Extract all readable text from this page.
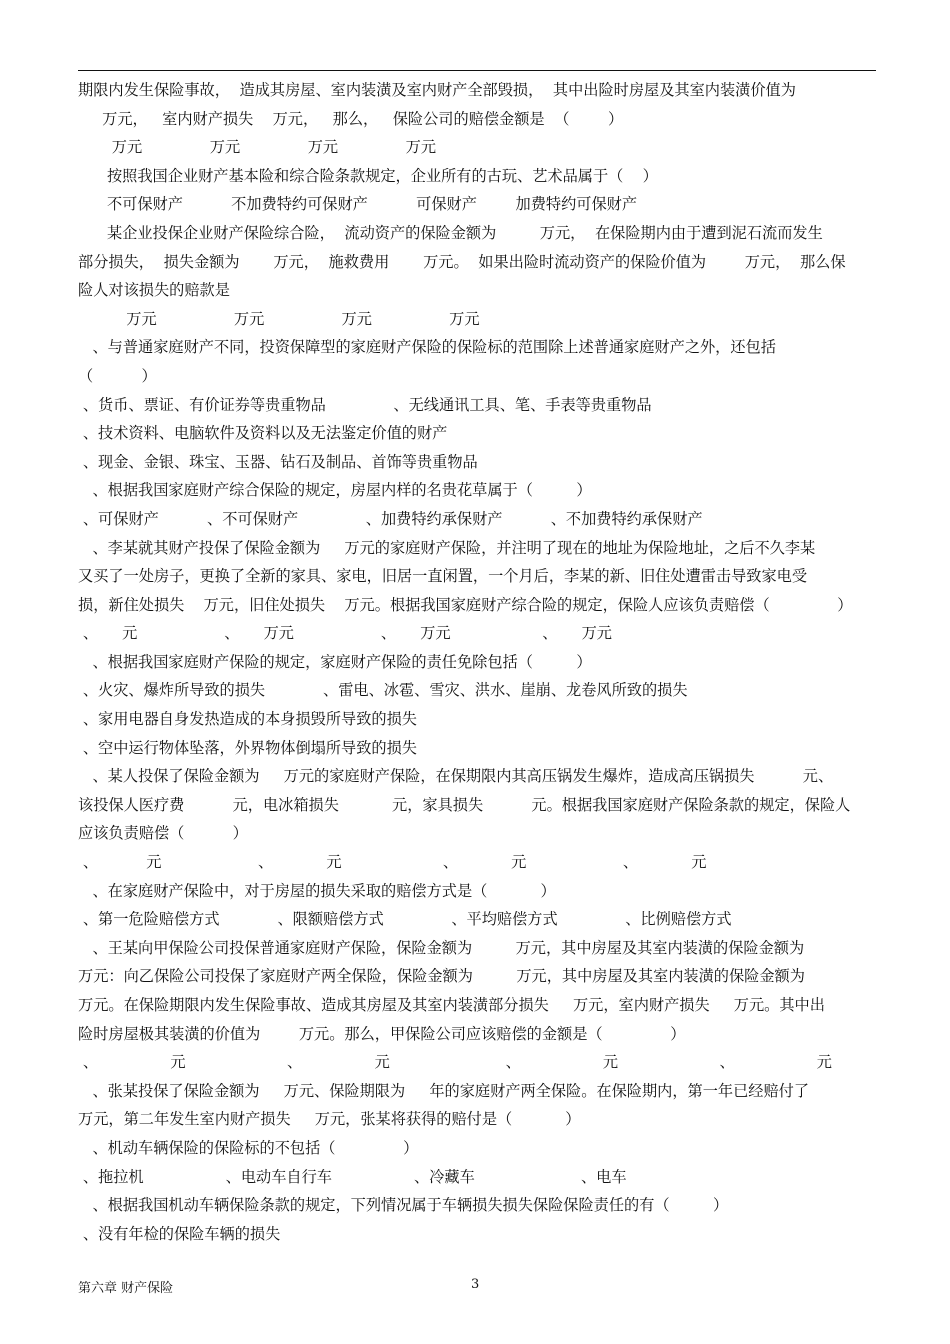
期限内发生保险事故，  造成其房屋、室内装潢及室内财产全部毁损，  其中出险时房屋及其室内装潢价值为
万元，   室内财产损失    万元，   那么，   保险公司的赔偿金额是  （        ）
万元              万元              万元              万元
按照我国企业财产基本险和综合险条款规定，企业所有的古玩、艺术品属于（    ）
不可保财产          不加费特约可保财产          可保财产        加费特约可保财产
某企业投保企业财产保险综合险，  流动资产的保险金额为         万元，  在保险期内由于遭到泥石流而发生
部分损失，  损失金额为       万元，  施救费用       万元。  如果出险时流动资产的保险价值为        万元，  那么保
险人对该损失的赔款是
万元                万元                万元                万元
、与普通家庭财产不同，投资保障型的家庭财产保险的保险标的范围除上述普通家庭财产之外，还包括
（          ）
、货币、票证、有价证券等贵重物品              、无线通讯工具、笔、手表等贵重物品
、技术资料、电脑软件及资料以及无法鉴定价值的财产
、现金、金银、珠宝、玉器、钻石及制品、首饰等贵重物品
、根据我国家庭财产综合保险的规定，房屋内样的名贵花草属于（         ）
、可保财产          、不可保财产              、加费特约承保财产          、不加费特约承保财产
、李某就其财产投保了保险金额为     万元的家庭财产保险，并注明了现在的地址为保险地址，之后不久李某
又买了一处房子，更换了全新的家具、家电，旧居一直闲置，一个月后，李某的新、旧住处遭雷击导致家电受
损，新住处损失    万元，旧住处损失    万元。根据我国家庭财产综合险的规定，保险人应该负责赔偿（              ）
、     元                  、     万元                  、     万元                   、     万元
、根据我国家庭财产保险的规定，家庭财产保险的责任免除包括（         ）
、火灾、爆炸所导致的损失            、雷电、冰雹、雪灾、洪水、崖崩、龙卷风所致的损失
、家用电器自身发热造成的本身损毁所导致的损失
、空中运行物体坠落，外界物体倒塌所导致的损失
、某人投保了保险金额为     万元的家庭财产保险，在保期限内其高压锅发生爆炸，造成高压锅损失          元、
该投保人医疗费          元，电冰箱损失           元，家具损失          元。根据我国家庭财产保险条款的规定，保险人
应该负责赔偿（          ）
、          元                    、           元                     、           元                    、           元
、在家庭财产保险中，对于房屋的损失采取的赔偿方式是（           ）
、第一危险赔偿方式            、限额赔偿方式              、平均赔偿方式              、比例赔偿方式
、王某向甲保险公司投保普通家庭财产保险，保险金额为         万元，其中房屋及其室内装潢的保险金额为
万元：向乙保险公司投保了家庭财产两全保险，保险金额为         万元，其中房屋及其室内装潢的保险金额为
万元。在保险期限内发生保险事故、造成其房屋及其室内装潢部分损失     万元，室内财产损失     万元。其中出
险时房屋极其装潢的价值为        万元。那么，甲保险公司应该赔偿的金额是（              ）
、               元                     、               元                        、                 元                     、                 元
、张某投保了保险金额为     万元、保险期限为     年的家庭财产两全保险。在保险期内，第一年已经赔付了
万元，第二年发生室内财产损失     万元，张某将获得的赔付是（           ）
、机动车辆保险的保险标的不包括（              ）
、拖拉机                 、电动车自行车                 、冷藏车                      、电车
、根据我国机动车辆保险条款的规定，下列情况属于车辆损失损失保险保险责任的有（         ）
、没有年检的保险车辆的损失
第六章 财产保险	3
